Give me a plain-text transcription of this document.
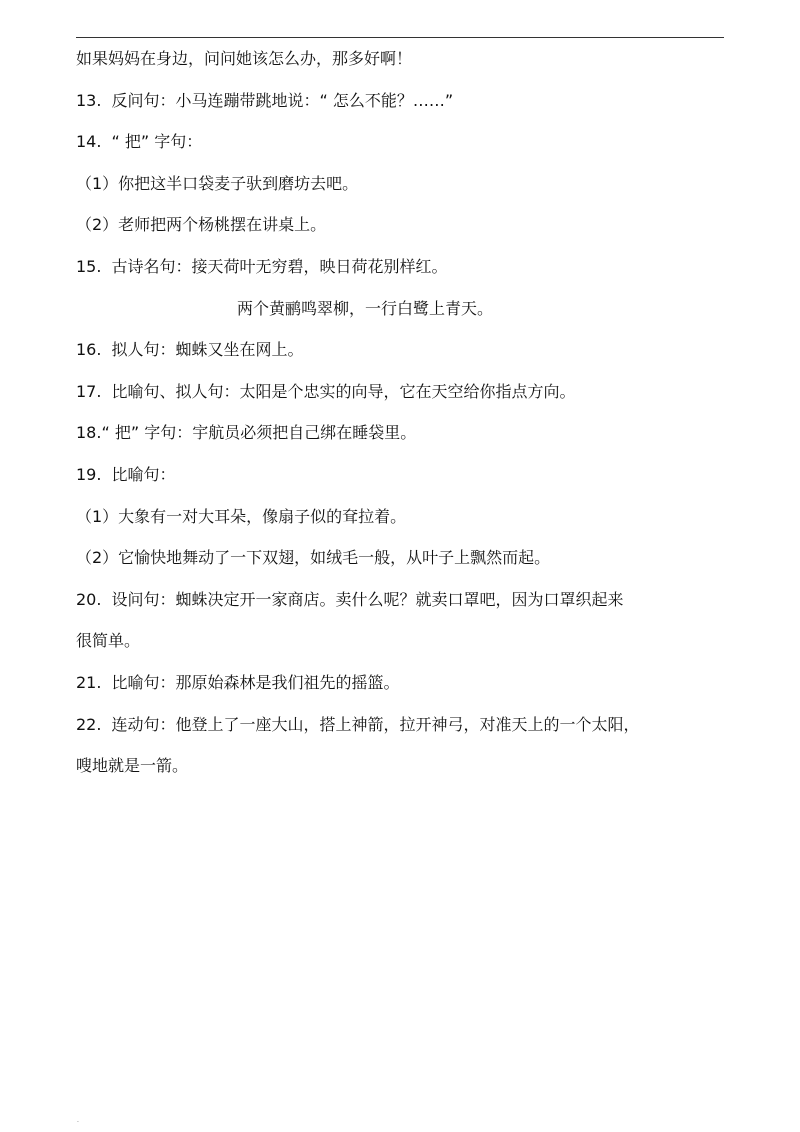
如果妈妈在身边，问问她该怎么办，那多好啊！
13. 反问句：小马连蹦带跳地说：“ 怎么不能？……”
14. “ 把” 字句：
（1）你把这半口袋麦子驮到磨坊去吧。
（2）老师把两个杨桃摆在讲桌上。
15. 古诗名句：接天荷叶无穷碧，映日荷花别样红。
两个黄鹂鸣翠柳，一行白鹭上青天。
16. 拟人句：蜘蛛又坐在网上。
17. 比喻句、拟人句：太阳是个忠实的向导，它在天空给你指点方向。
18.“ 把” 字句：宇航员必须把自己绑在睡袋里。
19. 比喻句：
（1）大象有一对大耳朵，像扇子似的耷拉着。
（2）它愉快地舞动了一下双翅，如绒毛一般，从叶子上飘然而起。
20. 设问句：蜘蛛决定开一家商店。卖什么呢？就卖口罩吧，因为口罩织起来
很简单。
21. 比喻句：那原始森林是我们祖先的摇篮。
22. 连动句：他登上了一座大山，搭上神箭，拉开神弓，对准天上的一个太阳，
嗖地就是一箭。
.
